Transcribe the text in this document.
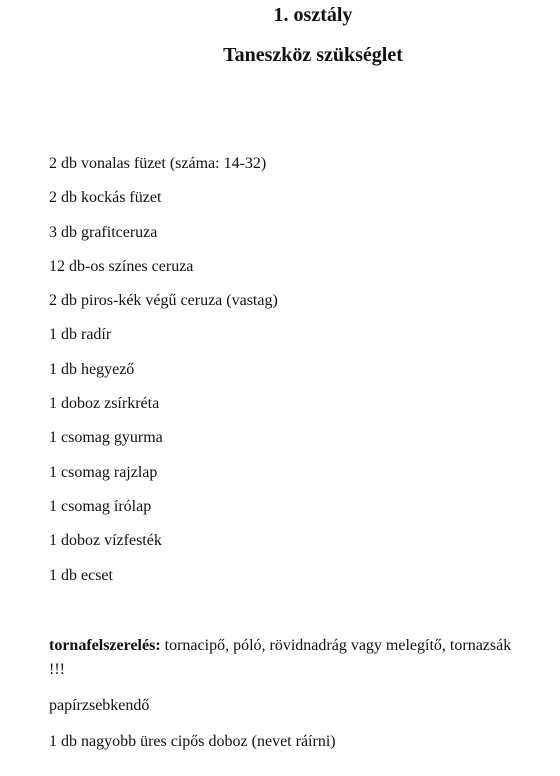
1. osztály
Taneszköz szükséglet
2 db vonalas füzet (száma: 14-32)
2 db kockás füzet
3 db grafitceruza
12 db-os színes ceruza
2 db piros-kék végű ceruza (vastag)
1 db radír
1 db hegyező
1 doboz zsírkréta
1 csomag gyurma
1 csomag rajzlap
1 csomag írólap
1 doboz vízfesték
1 db ecset

tornafelszerelés: tornacipő, póló, rövidnadrág vagy melegítő, tornazsák !!!

papírzsebkendő

1 db nagyobb üres cipős doboz (nevet ráírni)
